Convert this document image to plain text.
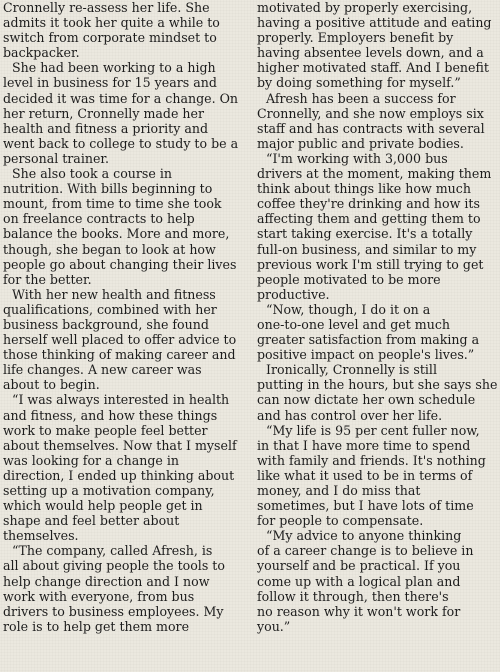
Cronnelly re-assess her life. She
admits it took her quite a while to
switch from corporate mindset to
backpacker.
She had been working to a high
level in business for 15 years and
decided it was time for a change. On
her return, Cronnelly made her
health and fitness a priority and
went back to college to study to be a
personal trainer.
She also took a course in
nutrition. With bills beginning to
mount, from time to time she took
on freelance contracts to help
balance the books. More and more,
though, she began to look at how
people go about changing their lives
for the better.
With her new health and fitness
qualifications, combined with her
business background, she found
herself well placed to offer advice to
those thinking of making career and
life changes. A new career was
about to begin.
“I was always interested in health
and fitness, and how these things
work to make people feel better
about themselves. Now that I myself
was looking for a change in
direction, I ended up thinking about
setting up a motivation company,
which would help people get in
shape and feel better about
themselves.
“The company, called Afresh, is
all about giving people the tools to
help change direction and I now
work with everyone, from bus
drivers to business employees. My
role is to help get them more
motivated by properly exercising,
having a positive attitude and eating
properly. Employers benefit by
having absentee levels down, and a
higher motivated staff. And I benefit
by doing something for myself.”
Afresh has been a success for
Cronnelly, and she now employs six
staff and has contracts with several
major public and private bodies.
“I'm working with 3,000 bus
drivers at the moment, making them
think about things like how much
coffee they're drinking and how its
affecting them and getting them to
start taking exercise. It's a totally
full-on business, and similar to my
previous work I'm still trying to get
people motivated to be more
productive.
“Now, though, I do it on a
one-to-one level and get much
greater satisfaction from making a
positive impact on people's lives.”
Ironically, Cronnelly is still
putting in the hours, but she says she
can now dictate her own schedule
and has control over her life.
“My life is 95 per cent fuller now,
in that I have more time to spend
with family and friends. It's nothing
like what it used to be in terms of
money, and I do miss that
sometimes, but I have lots of time
for people to compensate.
“My advice to anyone thinking
of a career change is to believe in
yourself and be practical. If you
come up with a logical plan and
follow it through, then there's
no reason why it won't work for
you.”
